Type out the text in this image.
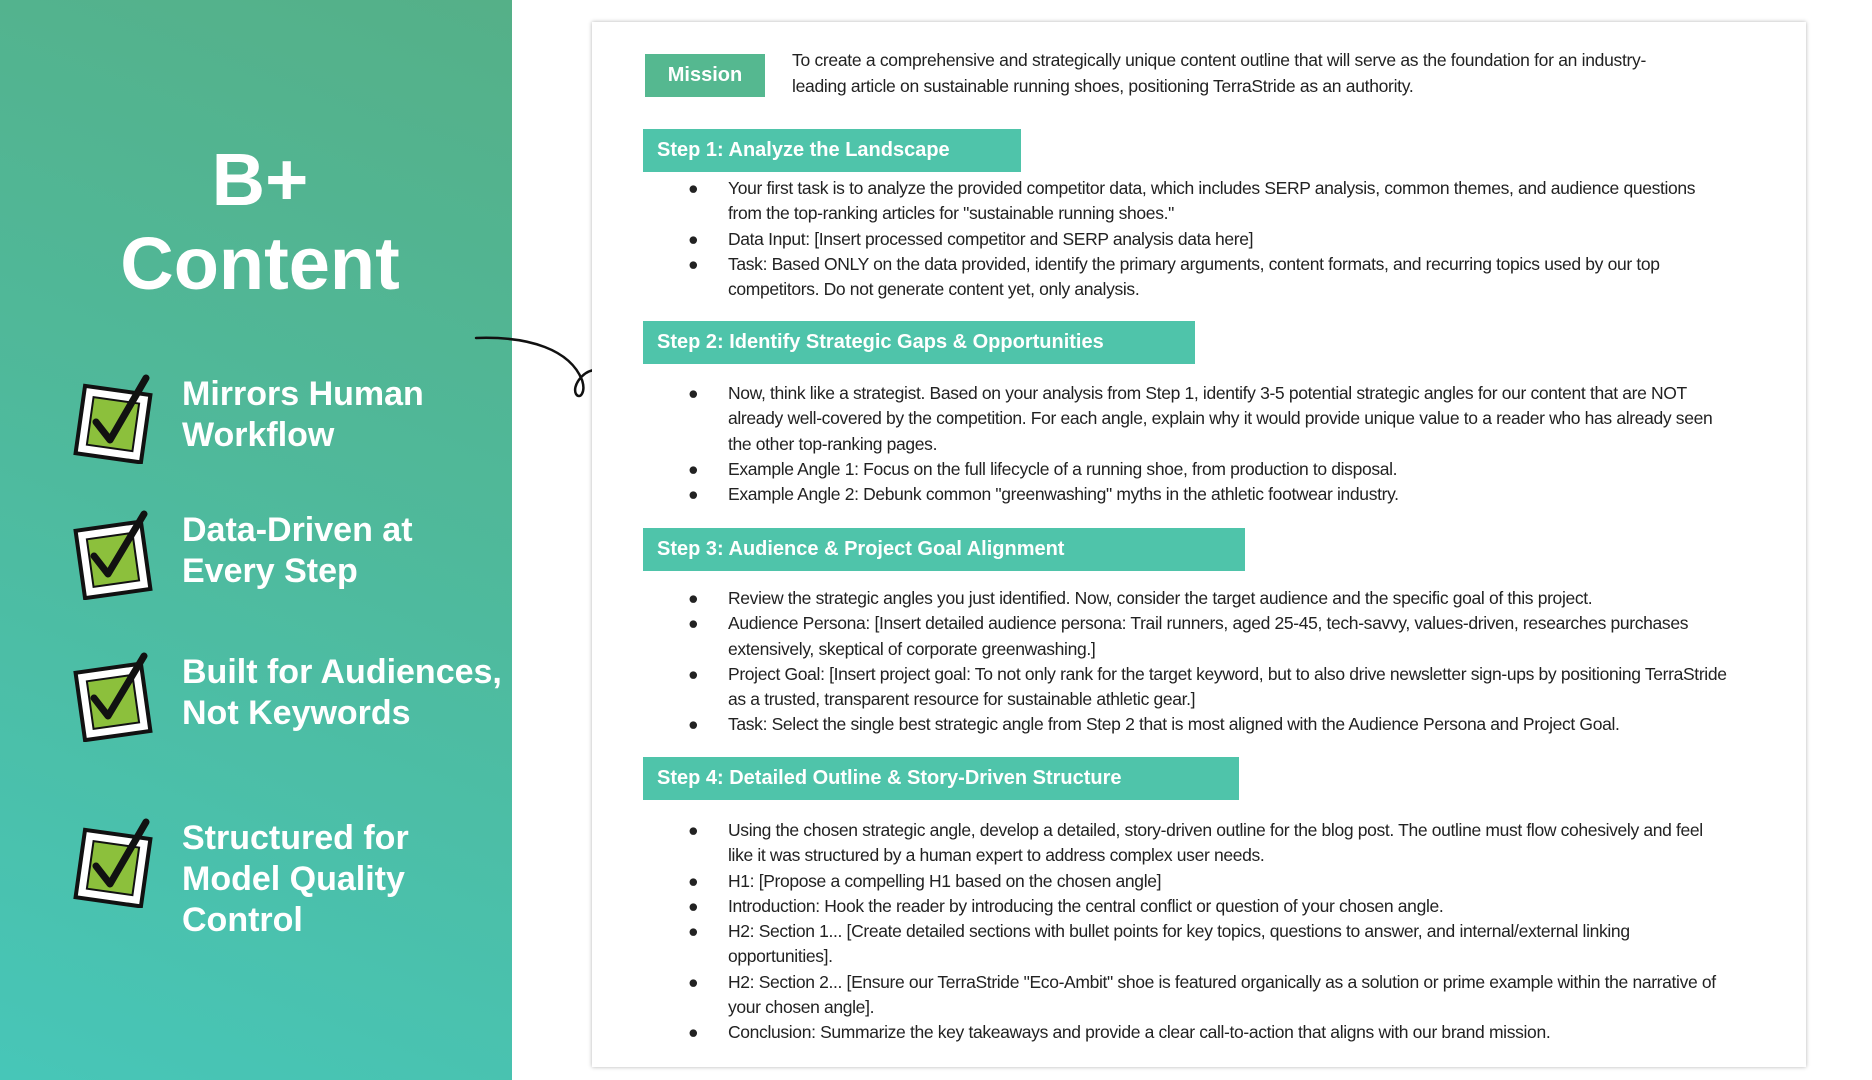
B+
Content
Mirrors Human Workflow
Data-Driven at Every Step
Built for Audiences, Not Keywords
Structured for Model Quality Control
Mission
To create a comprehensive and strategically unique content outline that will serve as the foundation for an industry-leading article on sustainable running shoes, positioning TerraStride as an authority.
Step 1: Analyze the Landscape
● Your first task is to analyze the provided competitor data, which includes SERP analysis, common themes, and audience questions from the top-ranking articles for "sustainable running shoes."
● Data Input: [Insert processed competitor and SERP analysis data here]
● Task: Based ONLY on the data provided, identify the primary arguments, content formats, and recurring topics used by our top competitors. Do not generate content yet, only analysis.
Step 2: Identify Strategic Gaps & Opportunities
● Now, think like a strategist. Based on your analysis from Step 1, identify 3-5 potential strategic angles for our content that are NOT already well-covered by the competition. For each angle, explain why it would provide unique value to a reader who has already seen the other top-ranking pages.
● Example Angle 1: Focus on the full lifecycle of a running shoe, from production to disposal.
● Example Angle 2: Debunk common "greenwashing" myths in the athletic footwear industry.
Step 3: Audience & Project Goal Alignment
● Review the strategic angles you just identified. Now, consider the target audience and the specific goal of this project.
● Audience Persona: [Insert detailed audience persona: Trail runners, aged 25-45, tech-savvy, values-driven, researches purchases extensively, skeptical of corporate greenwashing.]
● Project Goal: [Insert project goal: To not only rank for the target keyword, but to also drive newsletter sign-ups by positioning TerraStride as a trusted, transparent resource for sustainable athletic gear.]
● Task: Select the single best strategic angle from Step 2 that is most aligned with the Audience Persona and Project Goal.
Step 4: Detailed Outline & Story-Driven Structure
● Using the chosen strategic angle, develop a detailed, story-driven outline for the blog post. The outline must flow cohesively and feel like it was structured by a human expert to address complex user needs.
● H1: [Propose a compelling H1 based on the chosen angle]
● Introduction: Hook the reader by introducing the central conflict or question of your chosen angle.
● H2: Section 1... [Create detailed sections with bullet points for key topics, questions to answer, and internal/external linking opportunities].
● H2: Section 2... [Ensure our TerraStride "Eco-Ambit" shoe is featured organically as a solution or prime example within the narrative of your chosen angle].
● Conclusion: Summarize the key takeaways and provide a clear call-to-action that aligns with our brand mission.
